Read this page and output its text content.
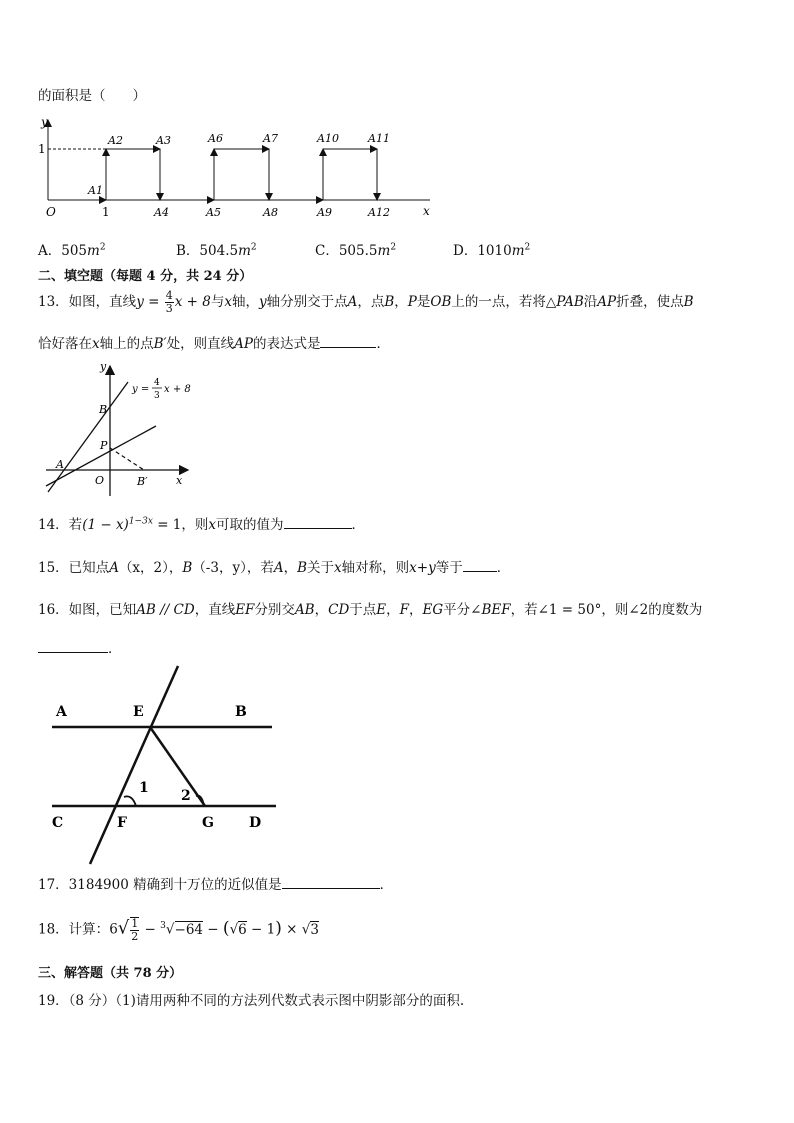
的面积是（　　）
y
x
O
1
1
A1
A2	A3
A4	A5
A6	A7
A8	A9
A10	A11
A12
A．$505m^2$	B．$504.5m^2$	C．$505.5m^2$	D．$1010m^2$
二、填空题（每题 4 分，共 24 分）
13．如图，直线$y = \frac{4}{3}$ x + 8与x轴，y轴分别交于点A，点B，P是OB上的一点，若将△PAB沿AP折叠，使点B
恰好落在x轴上的点B′处，则直线AP的表达式是	．
y
x
O
A
B
P
B′
y =
4
3
x + 8
14．若$(1 - x)^{1-3x} = 1$，则x可取的值为	．
15．已知点A（x，2），B（-3，y），若A，B关于x轴对称，则x+y等于	．
16．如图，已知AB // CD，直线EF分别交AB，CD于点E，F，EG平分∠BEF，若∠1 = 50°，则∠2的度数为
．
A	E	B
C	F	G	D
1 2
17．3184900 精确到十万位的近似值是	．
18．计算：$6√ \frac{1}{2} - ^3√-64 - (√6 - 1) \times √3$
三、解答题（共 78 分）
19．（8 分）（1)请用两种不同的方法列代数式表示图中阴影部分的面积.
